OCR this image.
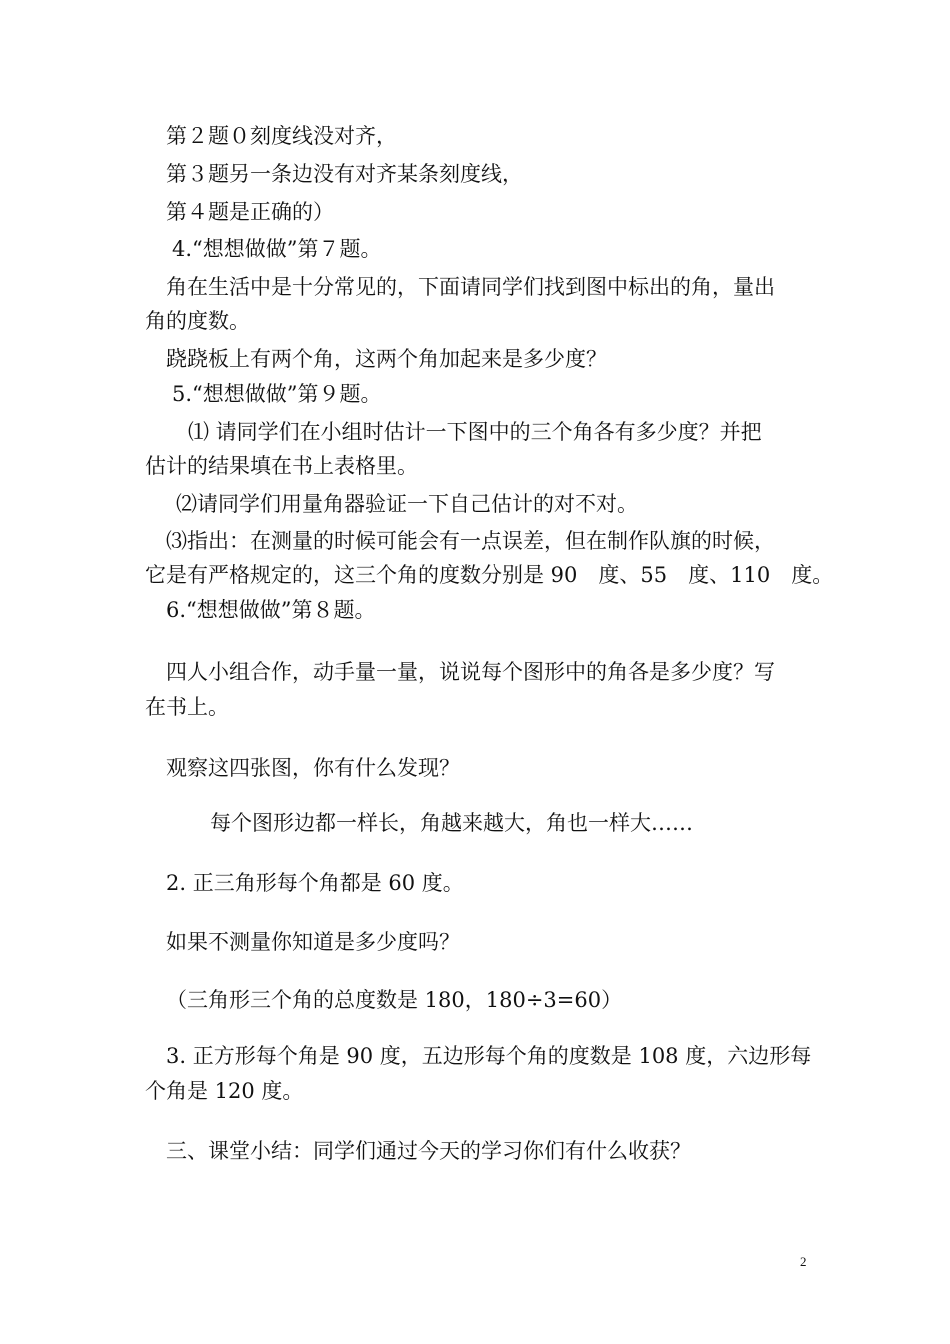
第２题０刻度线没对齐，
第３题另一条边没有对齐某条刻度线，
第４题是正确的）
4.“想想做做”第７题。
角在生活中是十分常见的，下面请同学们找到图中标出的角，量出
角的度数。
跷跷板上有两个角，这两个角加起来是多少度？
5.“想想做做”第９题。
⑴ 请同学们在小组时估计一下图中的三个角各有多少度？并把
估计的结果填在书上表格里。
⑵请同学们用量角器验证一下自己估计的对不对。
⑶指出：在测量的时候可能会有一点误差，但在制作队旗的时候，
它是有严格规定的，这三个角的度数分别是 90　度、55　度、110　度。
6.“想想做做”第８题。
四人小组合作，动手量一量，说说每个图形中的角各是多少度？写
在书上。
观察这四张图，你有什么发现？
每个图形边都一样长，角越来越大，角也一样大……
2. 正三角形每个角都是 60 度。
如果不测量你知道是多少度吗？
（三角形三个角的总度数是 180，180÷3=60）
3. 正方形每个角是 90 度，五边形每个角的度数是 108 度，六边形每
个角是 120 度。
三、课堂小结：同学们通过今天的学习你们有什么收获？
2
